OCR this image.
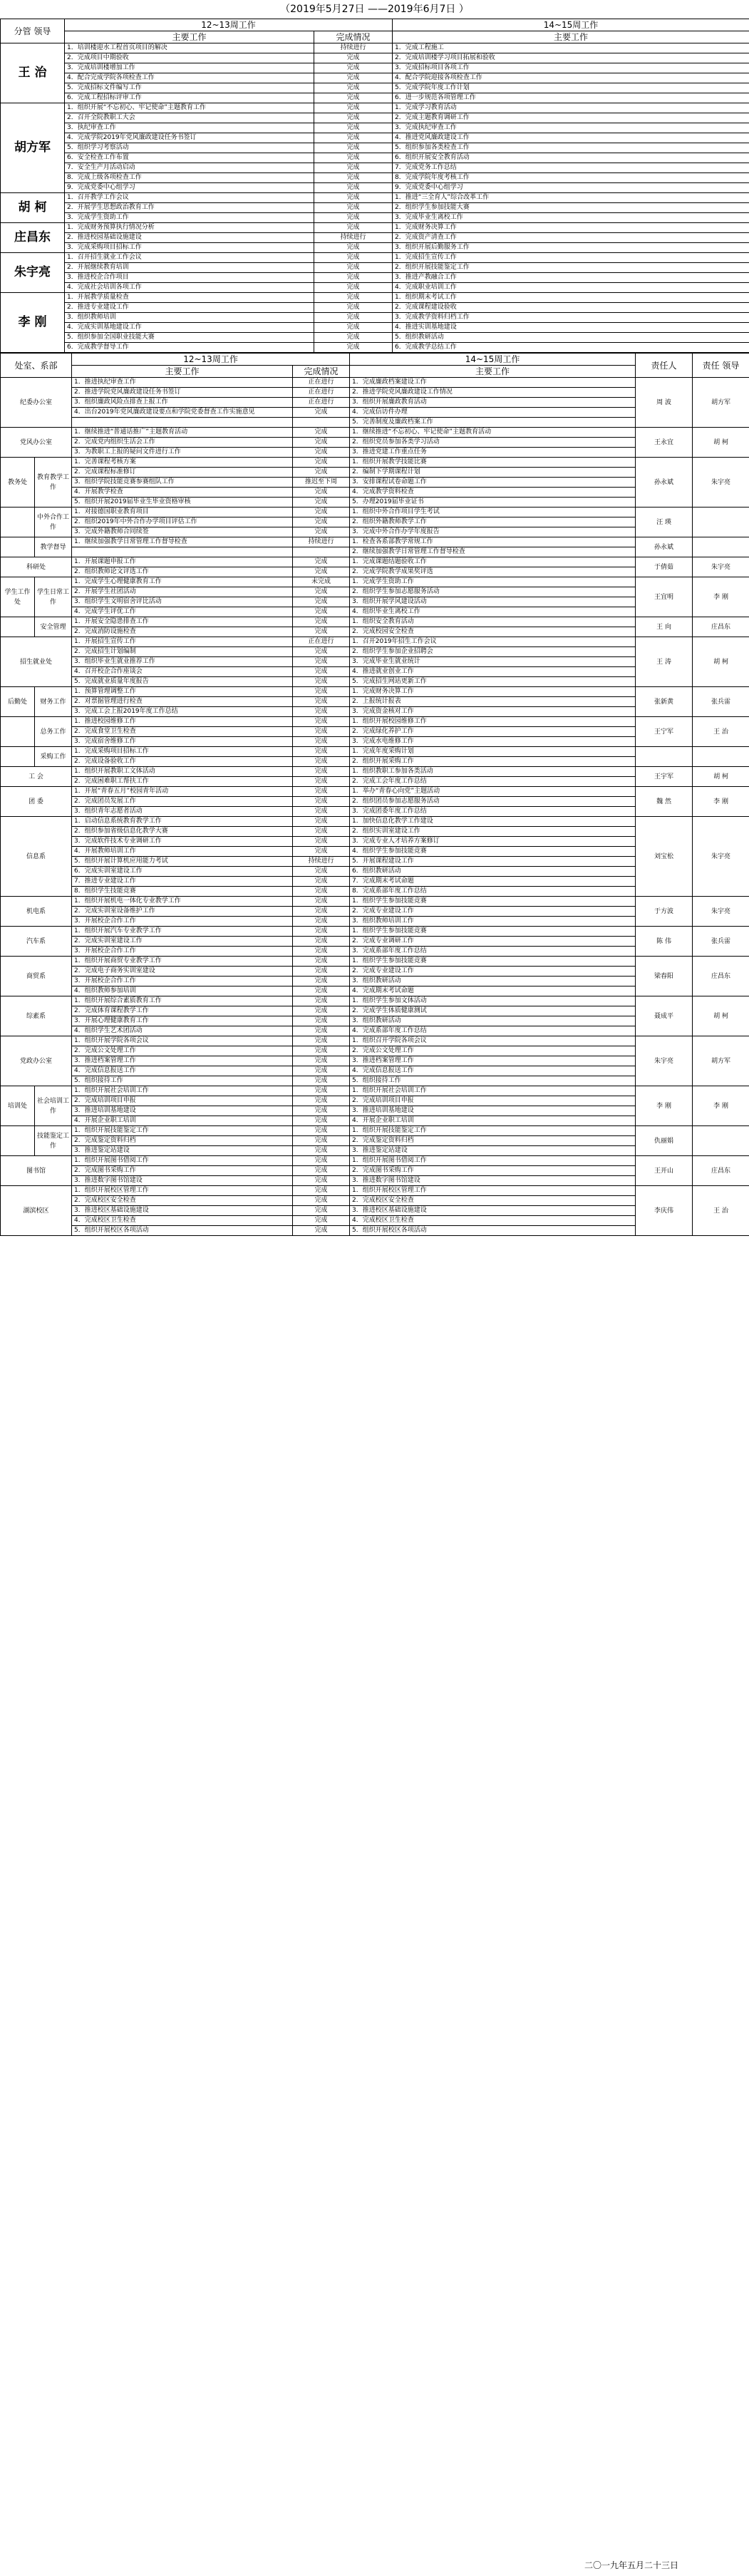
（2019年5月27日 ——2019年6月7日 ）
分管 领导	12~13周工作		14~15周工作
	主要工作	完成情况	主要工作
王 治	1．培训楼迎水工程首页项目的解决	持续进行	1．完成工程施工
	2．完成项目中期验收	完成	2．完成培训楼学习项目拓展和验收
	3．完成培训楼增加工作	完成	3．完成招标项目各项工作
	4．配合完成学院各项检查工作	完成	4．配合学院迎接各项检查工作
	5．完成招标文件编写工作	完成	5．完成学院年度工作计划
	6．完成工程招标评审工作	完成	6．进一步规范各项管理工作
胡方军	1．组织开展“不忘初心、牢记使命”主题教育工作	完成	1．完成学习教育活动
	2．召开全院教职工大会	完成	2．完成主题教育调研工作
	3．执纪审查工作	完成	3．完成执纪审查工作
	4．完成学院2019年党风廉政建设任务书签订	完成	4．推进党风廉政建设工作
	5．组织学习考察活动	完成	5．组织参加各类检查工作
	6．安全检查工作布置	完成	6．组织开展安全教育活动
	7．安全生产月活动启动	完成	7．完成党务工作总结
	8．完成上级各项检查工作	完成	8．完成学院年度考核工作
	9．完成党委中心组学习	完成	9．完成党委中心组学习
胡 柯	1．召开教学工作会议	完成	1．推进“三全育人”综合改革工作
	2．开展学生思想政治教育工作	完成	2．组织学生参加技能大赛
	3．完成学生资助工作	完成	3．完成毕业生离校工作
庄昌东	1．完成财务预算执行情况分析	完成	1．完成财务决算工作
	2．推进校园基础设施建设	持续进行	2．完成资产清查工作
	3．完成采购项目招标工作	完成	3．组织开展后勤服务工作
朱宇亮	1．召开招生就业工作会议	完成	1．完成招生宣传工作
	2．开展继续教育培训	完成	2．组织开展技能鉴定工作
	3．推进校企合作项目	完成	3．推进产教融合工作
	4．完成社会培训各项工作	完成	4．完成职业培训工作
李 刚	1．开展教学质量检查	完成	1．组织期末考试工作
	2．推进专业建设工作	完成	2．完成课程建设验收
	3．组织教师培训	完成	3．完成教学资料归档工作
	4．完成实训基地建设工作	完成	4．推进实训基地建设
	5．组织参加全国职业技能大赛	完成	5．组织教研活动
	6．完成教学督导工作	完成	6．完成教学总结工作
处室、系部		12~13周工作		14~15周工作	责任人	责任 领导
		主要工作	完成情况	主要工作		
纪委办公室		1．推进执纪审查工作	正在进行	1．完成廉政档案建设工作	周 波	胡方军
		2．推进学院党风廉政建设任务书签订	正在进行	2．推进学院党风廉政建设工作情况		
		3．组织廉政风险点排查上报工作	正在进行	3．组织开展廉政教育活动		
		4．出台2019年党风廉政建设要点和学院党委督查工作实施意见	完成	4．完成信访件办理		
				5．完善制度及廉政档案工作		
党风办公室		1．继续推进“普通话推广”主题教育活动	完成	1．继续推进“不忘初心、牢记使命”主题教育活动	王永宜	胡 柯
		2．完成党内组织生活会工作	完成	2．组织党员参加各类学习活动		
		3．为教职工上报的疑问文件进行工作	完成	3．推进党建工作重点任务		
教务处	教育教学工作	1．完善课程考核方案	完成	1．组织开展教学技能比赛	孙永斌	朱宇亮
		2．完成课程标准修订	完成	2．编制下学期课程计划		
		3．组织学院技能竞赛参赛组队工作	推迟至下周	3．安排课程试卷命题工作		
		4．开展教学检查	完成	4．完成教学资料检查		
		5．组织开展2019届毕业生毕业资格审核	完成	5．办理2019届毕业证书		
	中外合作工作	1．对接德国职业教育项目	完成	1．组织中外合作项目学生考试	汪 瑛	
		2．组织2019年中外合作办学项目评估工作	完成	2．组织外籍教师教学工作		
		3．完成外籍教师合同续签	完成	3．完成中外合作办学年度报告		
	教学督导	1．继续加强教学日常管理工作督导检查	持续进行	1．检查各系部教学常规工作	孙永斌	
				2．继续加强教学日常管理工作督导检查		
科研处		1．开展课题申报工作	完成	1．完成课题结题验收工作	于倩茹	朱宇亮
		2．组织教师论文评选工作	完成	2．完成学院教学成果奖评选		
学生工作处	学生日常工作	1．完成学生心理健康教育工作	未完成	1．完成学生资助工作	王宜明	李 刚
		2．开展学生社团活动	完成	2．组织学生参加志愿服务活动		
		3．组织学生文明宿舍评比活动	完成	3．组织开展学风建设活动		
		4．完成学生评优工作	完成	4．组织毕业生离校工作		
	安全管理	1．开展安全隐患排查工作	完成	1．组织安全教育活动	王 向	庄昌东
		2．完成消防设施检查	完成	2．完成校园安全检查		
招生就业处		1．开展招生宣传工作	正在进行	1．召开2019年招生工作会议	王 涛	胡 柯
		2．完成招生计划编制	完成	2．组织学生参加企业招聘会		
		3．组织毕业生就业推荐工作	完成	3．完成毕业生就业统计		
		4．召开校企合作座谈会	完成	4．推进就业创业工作		
		5．完成就业质量年度报告	完成	5．完成招生网站更新工作		
后勤处	财务工作	1．预算管理调整工作	完成	1．完成财务决算工作	张新黄	张兵雷
		2．对票据管理进行检查	完成	2．上报统计报表		
		3．完成工会上报2019年度工作总结	完成	3．完成资金核对工作		
	总务工作	1．推进校园维修工作	完成	1．组织开展校园维修工作	王宁军	王 治
		2．完成食堂卫生检查	完成	2．完成绿化养护工作		
		3．完成宿舍维修工作	完成	3．完成水电维修工作		
	采购工作	1．完成采购项目招标工作	完成	1．完成年度采购计划		
		2．完成设备验收工作	完成	2．组织开展采购工作		
工 会		1．组织开展教职工文体活动	完成	1．组织教职工参加各类活动	王宇军	胡 柯
		2．完成困难职工帮扶工作	完成	2．完成工会年度工作总结		
团 委		1．开展“青春五月”校园青年活动	完成	1．举办“青春心向党”主题活动	魏 然	李 刚
		2．完成团员发展工作	完成	2．组织团员参加志愿服务活动		
		3．组织青年志愿者活动	完成	3．完成团委年度工作总结		
信息系		1．启动信息系统教育教学工作	完成	1．加快信息化教学工作建设	刘宝松	朱宇亮
		2．组织参加省级信息化教学大赛	完成	2．组织实训室建设工作		
		3．完成软件技术专业调研工作	完成	3．完成专业人才培养方案修订		
		4．开展教师培训工作	完成	4．组织学生参加技能竞赛		
		5．组织开展计算机应用能力考试	持续进行	5．开展课程建设工作		
		6．完成实训室建设工作	完成	6．组织教研活动		
		7．推进专业建设工作	完成	7．完成期末考试命题		
		8．组织学生技能竞赛	完成	8．完成系部年度工作总结		
机电系		1．组织开展机电一体化专业教学工作	完成	1．组织学生参加技能竞赛	于方波	朱宇亮
		2．完成实训室设备维护工作	完成	2．完成专业建设工作		
		3．开展校企合作工作	完成	3．组织教师培训工作		
汽车系		1．组织开展汽车专业教学工作	完成	1．组织学生参加技能竞赛	陈 伟	张兵雷
		2．完成实训室建设工作	完成	2．完成专业调研工作		
		3．开展校企合作工作	完成	3．完成系部年度工作总结		
商贸系		1．组织开展商贸专业教学工作	完成	1．组织学生参加技能竞赛	梁春阳	庄昌东
		2．完成电子商务实训室建设	完成	2．完成专业建设工作		
		3．开展校企合作工作	完成	3．组织教研活动		
		4．组织教师参加培训	完成	4．完成期末考试命题		
综素系		1．组织开展综合素质教育工作	完成	1．组织学生参加文体活动	聂成平	胡 柯
		2．完成体育课程教学工作	完成	2．完成学生体质健康测试		
		3．开展心理健康教育工作	完成	3．组织教研活动		
		4．组织学生艺术团活动	完成	4．完成系部年度工作总结		
党政办公室		1．组织开展学院各项会议	完成	1．组织召开学院各项会议	朱宇亮	胡方军
		2．完成公文处理工作	完成	2．完成公文处理工作		
		3．推进档案管理工作	完成	3．推进档案管理工作		
		4．完成信息报送工作	完成	4．完成信息报送工作		
		5．组织接待工作	完成	5．组织接待工作		
培训处	社会培训工作	1．组织开展社会培训工作	完成	1．组织开展社会培训工作	李 刚	李 刚
		2．完成培训项目申报	完成	2．完成培训项目申报		
		3．推进培训基地建设	完成	3．推进培训基地建设		
		4．开展企业职工培训	完成	4．开展企业职工培训		
	技能鉴定工作	1．组织开展技能鉴定工作	完成	1．组织开展技能鉴定工作	仇丽娟	
		2．完成鉴定资料归档	完成	2．完成鉴定资料归档		
		3．推进鉴定站建设	完成	3．推进鉴定站建设		
图书馆		1．组织开展图书借阅工作	完成	1．组织开展图书借阅工作	王开山	庄昌东
		2．完成图书采购工作	完成	2．完成图书采购工作		
		3．推进数字图书馆建设	完成	3．推进数字图书馆建设		
湖滨校区		1．组织开展校区管理工作	完成	1．组织开展校区管理工作	李庆伟	王 治
		2．完成校区安全检查	完成	2．完成校区安全检查		
		3．推进校区基础设施建设	完成	3．推进校区基础设施建设		
		4．完成校区卫生检查	完成	4．完成校区卫生检查		
		5．组织开展校区各项活动	完成	5．组织开展校区各项活动		
二〇一九年五月二十三日
